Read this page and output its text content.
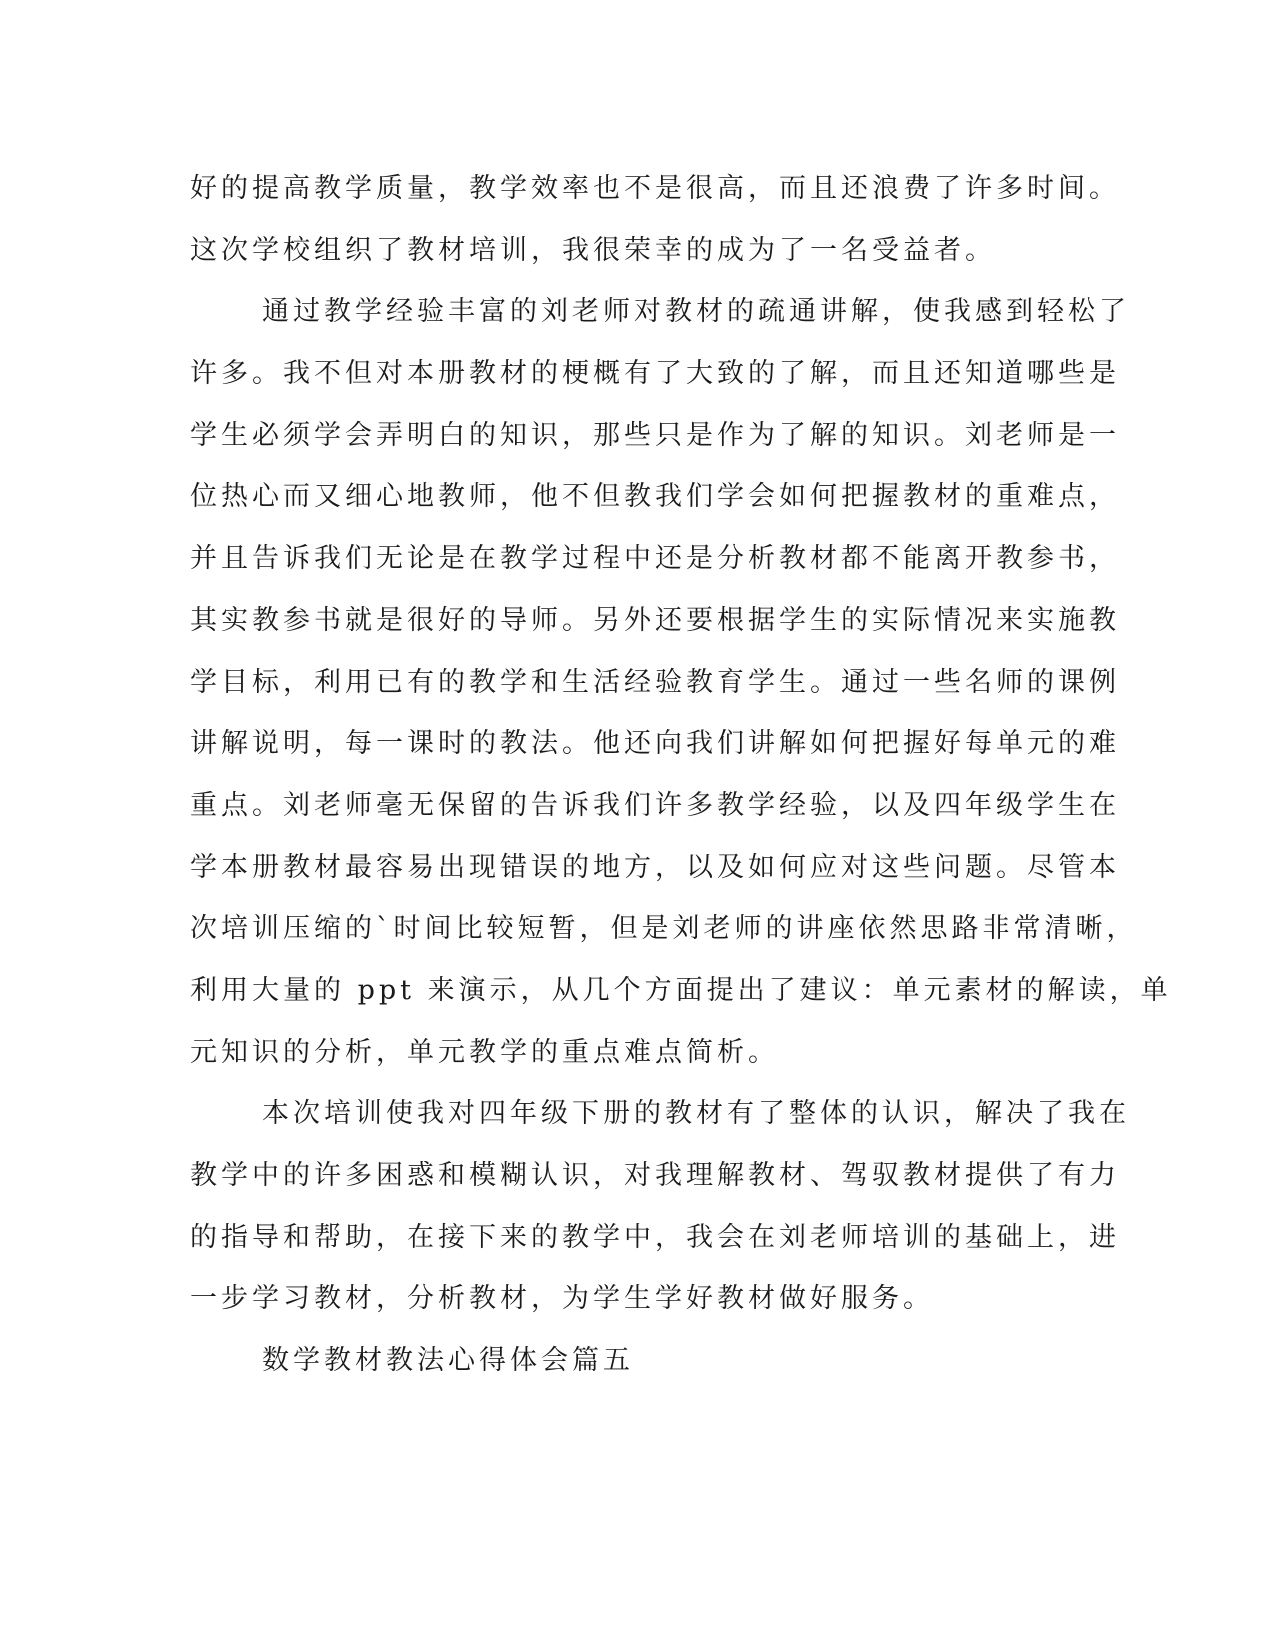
好的提高教学质量，教学效率也不是很高，而且还浪费了许多时间。
这次学校组织了教材培训，我很荣幸的成为了一名受益者。
通过教学经验丰富的刘老师对教材的疏通讲解，使我感到轻松了
许多。我不但对本册教材的梗概有了大致的了解，而且还知道哪些是
学生必须学会弄明白的知识，那些只是作为了解的知识。刘老师是一
位热心而又细心地教师，他不但教我们学会如何把握教材的重难点，
并且告诉我们无论是在教学过程中还是分析教材都不能离开教参书，
其实教参书就是很好的导师。另外还要根据学生的实际情况来实施教
学目标，利用已有的教学和生活经验教育学生。通过一些名师的课例
讲解说明，每一课时的教法。他还向我们讲解如何把握好每单元的难
重点。刘老师毫无保留的告诉我们许多教学经验，以及四年级学生在
学本册教材最容易出现错误的地方，以及如何应对这些问题。尽管本
次培训压缩的`时间比较短暂，但是刘老师的讲座依然思路非常清晰，
利用大量的 ppt 来演示，从几个方面提出了建议：单元素材的解读，单
元知识的分析，单元教学的重点难点简析。
本次培训使我对四年级下册的教材有了整体的认识，解决了我在
教学中的许多困惑和模糊认识，对我理解教材、驾驭教材提供了有力
的指导和帮助，在接下来的教学中，我会在刘老师培训的基础上，进
一步学习教材，分析教材，为学生学好教材做好服务。
数学教材教法心得体会篇五
